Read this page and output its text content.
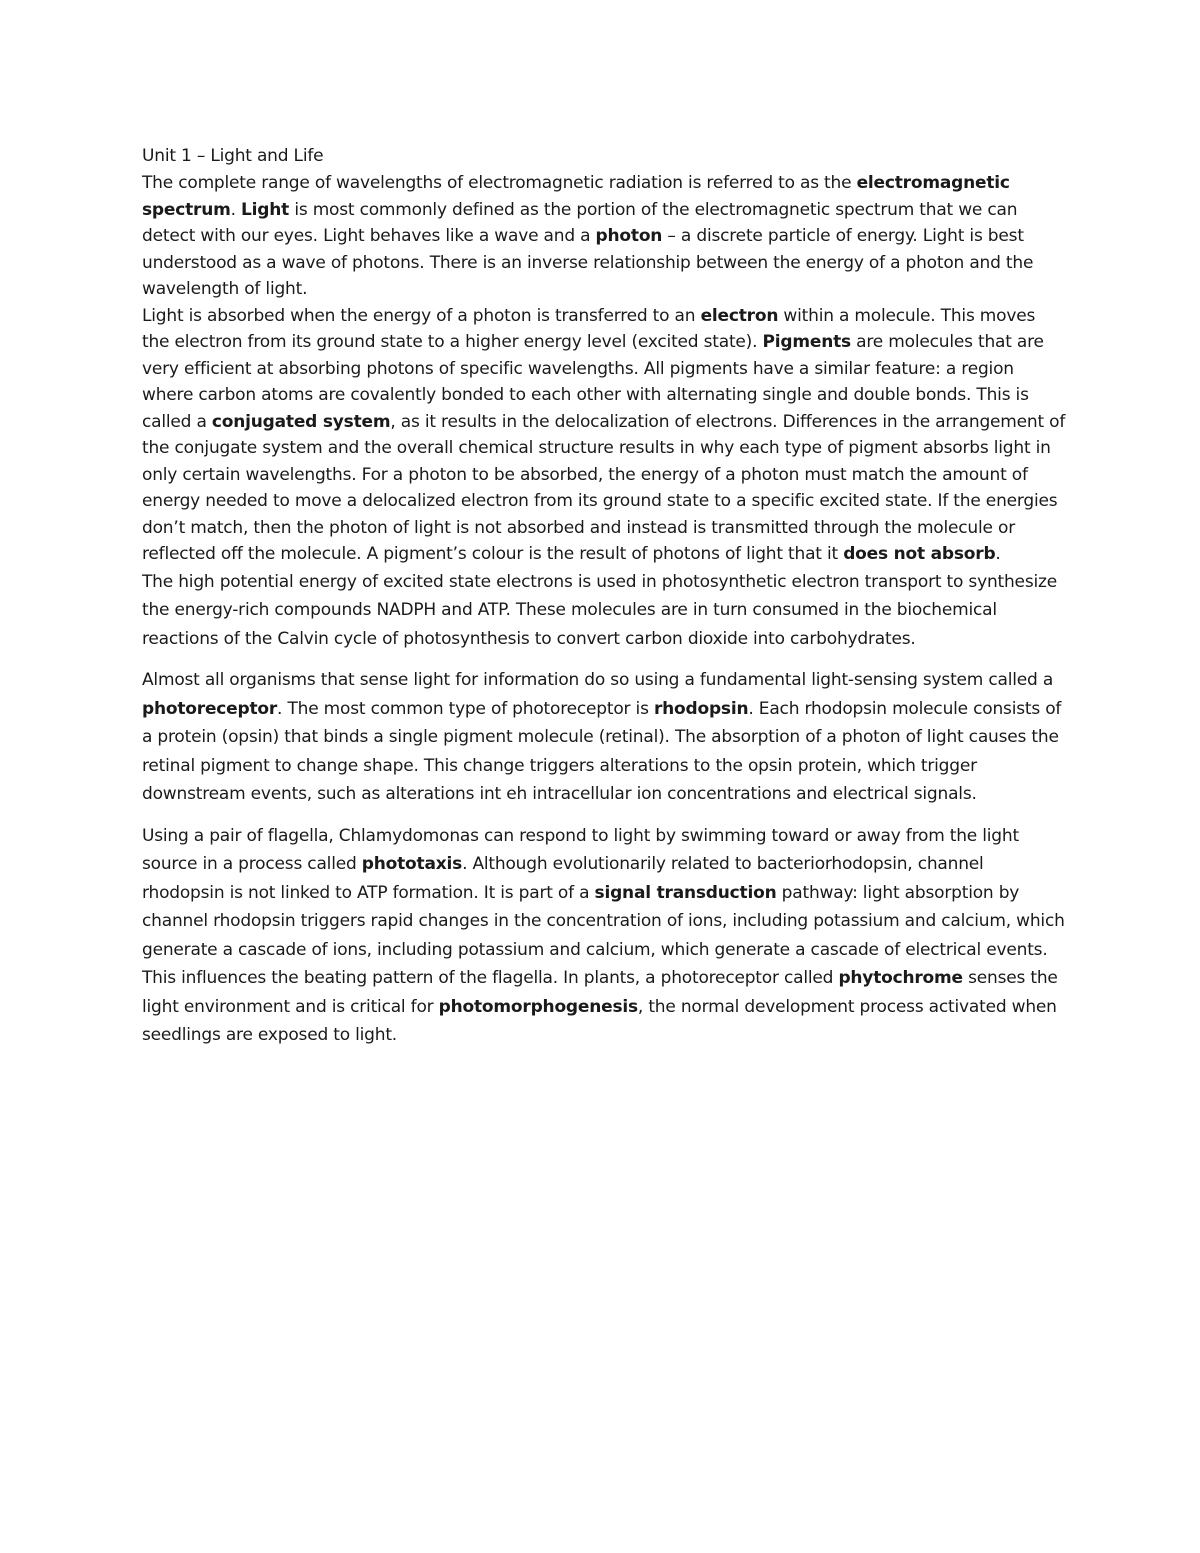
Unit 1 – Light and Life

The complete range of wavelengths of electromagnetic radiation is referred to as the electromagnetic spectrum. Light is most commonly defined as the portion of the electromagnetic spectrum that we can detect with our eyes. Light behaves like a wave and a photon – a discrete particle of energy. Light is best understood as a wave of photons. There is an inverse relationship between the energy of a photon and the wavelength of light.

Light is absorbed when the energy of a photon is transferred to an electron within a molecule. This moves the electron from its ground state to a higher energy level (excited state). Pigments are molecules that are very efficient at absorbing photons of specific wavelengths. All pigments have a similar feature: a region where carbon atoms are covalently bonded to each other with alternating single and double bonds. This is called a conjugated system, as it results in the delocalization of electrons. Differences in the arrangement of the conjugate system and the overall chemical structure results in why each type of pigment absorbs light in only certain wavelengths. For a photon to be absorbed, the energy of a photon must match the amount of energy needed to move a delocalized electron from its ground state to a specific excited state. If the energies don’t match, then the photon of light is not absorbed and instead is transmitted through the molecule or reflected off the molecule. A pigment’s colour is the result of photons of light that it does not absorb.

The high potential energy of excited state electrons is used in photosynthetic electron transport to synthesize the energy-rich compounds NADPH and ATP. These molecules are in turn consumed in the biochemical reactions of the Calvin cycle of photosynthesis to convert carbon dioxide into carbohydrates.

Almost all organisms that sense light for information do so using a fundamental light-sensing system called a photoreceptor. The most common type of photoreceptor is rhodopsin. Each rhodopsin molecule consists of a protein (opsin) that binds a single pigment molecule (retinal). The absorption of a photon of light causes the retinal pigment to change shape. This change triggers alterations to the opsin protein, which trigger downstream events, such as alterations int eh intracellular ion concentrations and electrical signals.

Using a pair of flagella, Chlamydomonas can respond to light by swimming toward or away from the light source in a process called phototaxis. Although evolutionarily related to bacteriorhodopsin, channel rhodopsin is not linked to ATP formation. It is part of a signal transduction pathway: light absorption by channel rhodopsin triggers rapid changes in the concentration of ions, including potassium and calcium, which generate a cascade of ions, including potassium and calcium, which generate a cascade of electrical events. This influences the beating pattern of the flagella. In plants, a photoreceptor called phytochrome senses the light environment and is critical for photomorphogenesis, the normal development process activated when seedlings are exposed to light.
